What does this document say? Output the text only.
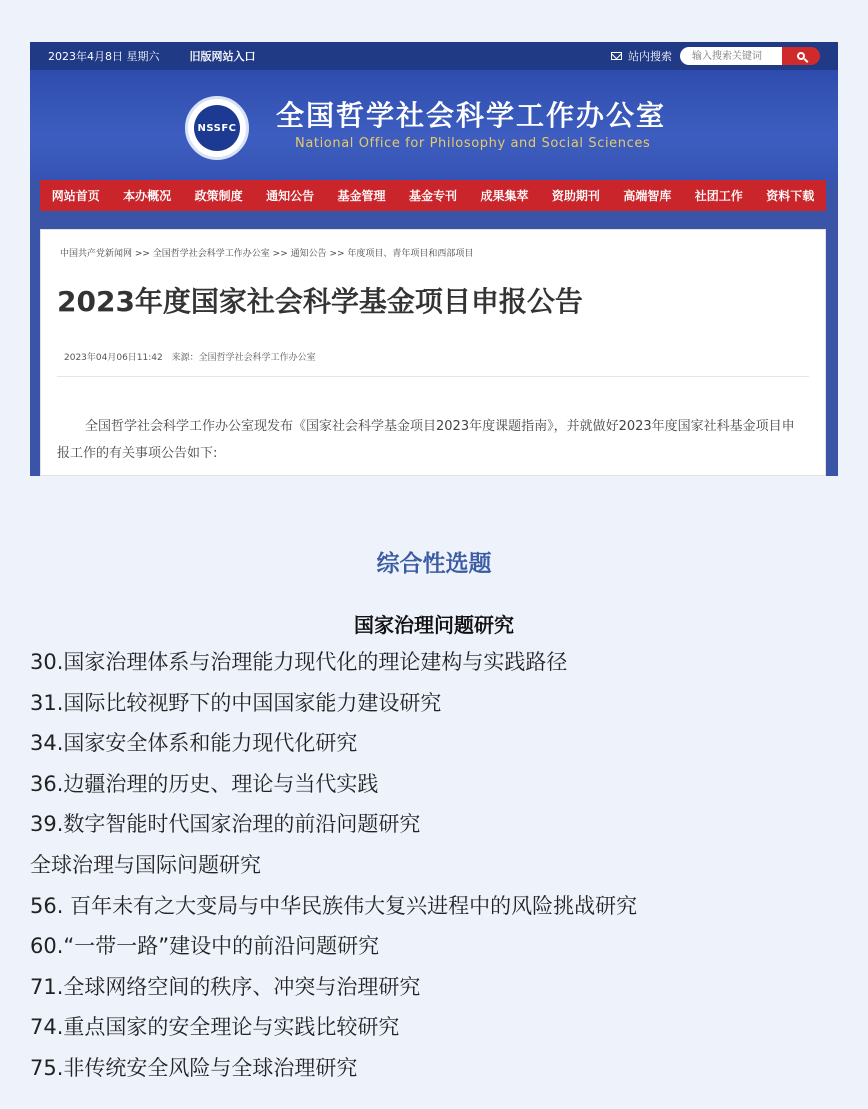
2023年4月8日 星期六	旧版网站入口	站内搜索
输入搜索关键词
NSSFC 全国哲学社会科学工作办公室
National Office for Philosophy and Social Sciences
网站首页	本办概况	政策制度	通知公告	基金管理	基金专刊	成果集萃	资助期刊	高端智库	社团工作	资料下载
中国共产党新闻网 >> 全国哲学社会科学工作办公室 >> 通知公告 >> 年度项目、青年项目和西部项目
2023年度国家社会科学基金项目申报公告
2023年04月06日11:42 来源：全国哲学社会科学工作办公室
全国哲学社会科学工作办公室现发布《国家社会科学基金项目2023年度课题指南》，并就做好2023年度国家社科基金项目申报工作的有关事项公告如下:
综合性选题
国家治理问题研究
30.国家治理体系与治理能力现代化的理论建构与实践路径
31.国际比较视野下的中国国家能力建设研究
34.国家安全体系和能力现代化研究
36.边疆治理的历史、理论与当代实践
39.数字智能时代国家治理的前沿问题研究
全球治理与国际问题研究
56. 百年未有之大变局与中华民族伟大复兴进程中的风险挑战研究
60.“一带一路”建设中的前沿问题研究
71.全球网络空间的秩序、冲突与治理研究
74.重点国家的安全理论与实践比较研究
75.非传统安全风险与全球治理研究
